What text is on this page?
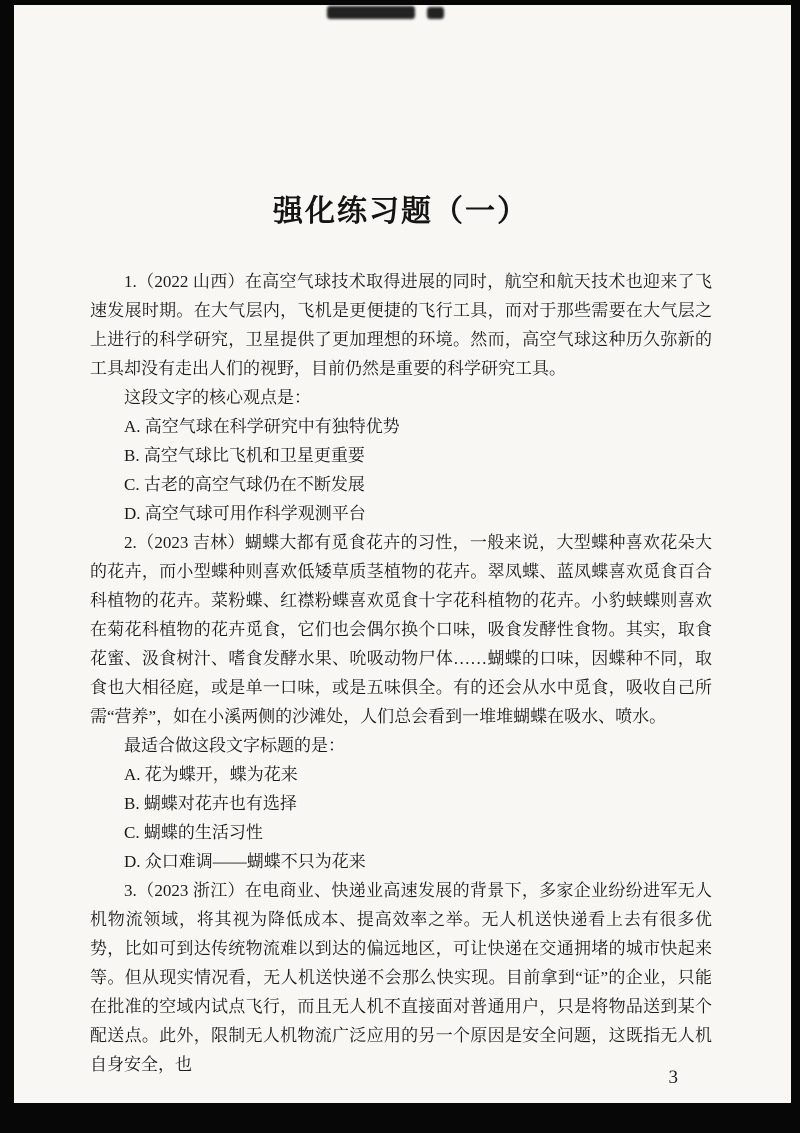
强化练习题（一）

1.（2022 山西）在高空气球技术取得进展的同时，航空和航天技术也迎来了飞速发展时期。在大气层内，飞机是更便捷的飞行工具，而对于那些需要在大气层之上进行的科学研究，卫星提供了更加理想的环境。然而，高空气球这种历久弥新的工具却没有走出人们的视野，目前仍然是重要的科学研究工具。

这段文字的核心观点是：

A. 高空气球在科学研究中有独特优势

B. 高空气球比飞机和卫星更重要

C. 古老的高空气球仍在不断发展

D. 高空气球可用作科学观测平台

2.（2023 吉林）蝴蝶大都有觅食花卉的习性，一般来说，大型蝶种喜欢花朵大的花卉，而小型蝶种则喜欢低矮草质茎植物的花卉。翠凤蝶、蓝凤蝶喜欢觅食百合科植物的花卉。菜粉蝶、红襟粉蝶喜欢觅食十字花科植物的花卉。小豹蛱蝶则喜欢在菊花科植物的花卉觅食，它们也会偶尔换个口味，吸食发酵性食物。其实，取食花蜜、汲食树汁、嗜食发酵水果、吮吸动物尸体……蝴蝶的口味，因蝶种不同，取食也大相径庭，或是单一口味，或是五味俱全。有的还会从水中觅食，吸收自己所需“营养”，如在小溪两侧的沙滩处，人们总会看到一堆堆蝴蝶在吸水、喷水。

最适合做这段文字标题的是：

A. 花为蝶开，蝶为花来

B. 蝴蝶对花卉也有选择

C. 蝴蝶的生活习性

D. 众口难调——蝴蝶不只为花来

3.（2023 浙江）在电商业、快递业高速发展的背景下，多家企业纷纷进军无人机物流领域，将其视为降低成本、提高效率之举。无人机送快递看上去有很多优势，比如可到达传统物流难以到达的偏远地区，可让快递在交通拥堵的城市快起来等。但从现实情况看，无人机送快递不会那么快实现。目前拿到“证”的企业，只能在批准的空域内试点飞行，而且无人机不直接面对普通用户，只是将物品送到某个配送点。此外，限制无人机物流广泛应用的另一个原因是安全问题，这既指无人机自身安全，也

3
